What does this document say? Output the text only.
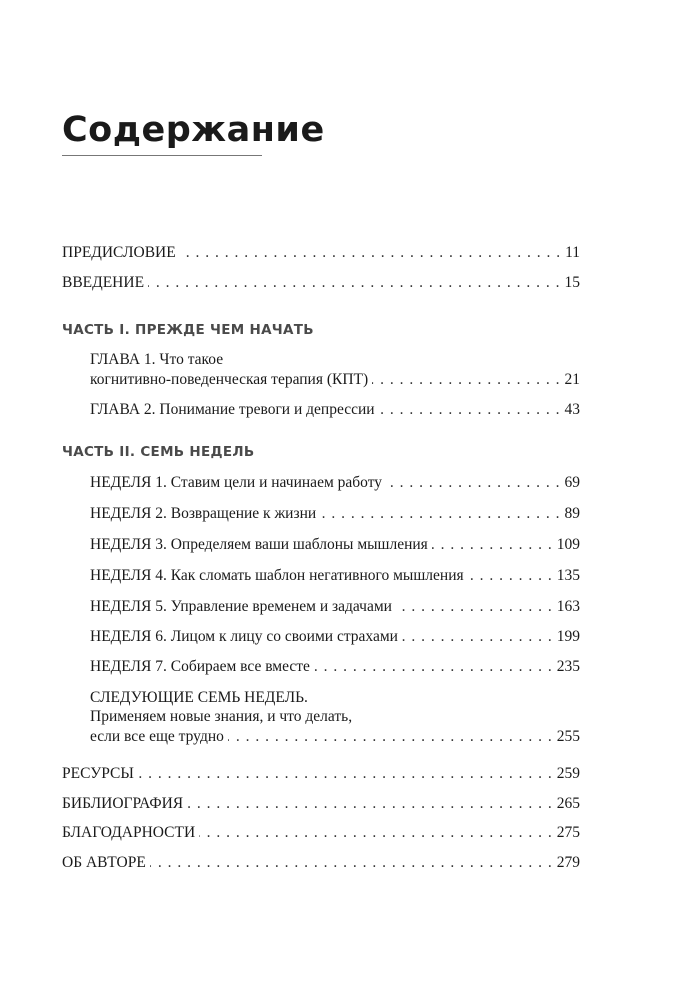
Содержание
ПРЕДИСЛОВИЕ . . .	11
ВВЕДЕНИЕ . . .	15
ЧАСТЬ I. ПРЕЖДЕ ЧЕМ НАЧАТЬ
ГЛАВА 1. Что такое
когнитивно-поведенческая терапия (КПТ) . . .	21
ГЛАВА 2. Понимание тревоги и депрессии . . .	43
ЧАСТЬ II. СЕМЬ НЕДЕЛЬ
НЕДЕЛЯ 1. Ставим цели и начинаем работу . . .	69
НЕДЕЛЯ 2. Возвращение к жизни . . .	89
НЕДЕЛЯ 3. Определяем ваши шаблоны мышления . . .	109
НЕДЕЛЯ 4. Как сломать шаблон негативного мышления . . .	135
НЕДЕЛЯ 5. Управление временем и задачами . . .	163
НЕДЕЛЯ 6. Лицом к лицу со своими страхами . . .	199
НЕДЕЛЯ 7. Собираем все вместе . . .	235
СЛЕДУЮЩИЕ СЕМЬ НЕДЕЛЬ.
Применяем новые знания, и что делать,
если все еще трудно . . .	255
РЕСУРСЫ . . .	259
БИБЛИОГРАФИЯ . . .	265
БЛАГОДАРНОСТИ . . .	275
ОБ АВТОРЕ . . .	279
